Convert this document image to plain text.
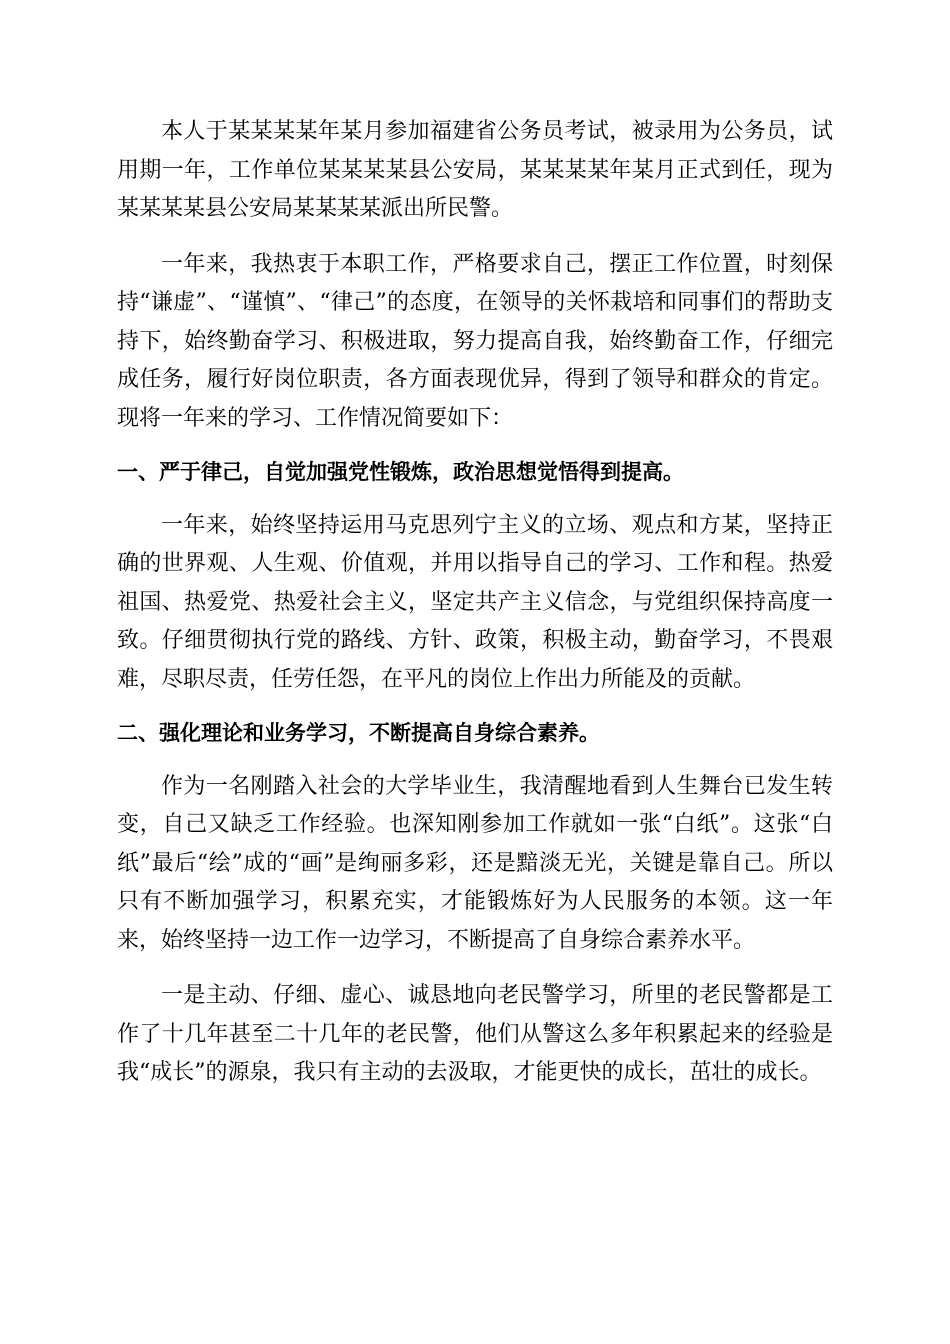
本人于某某某某年某月参加福建省公务员考试，被录用为公务员，试用期一年，工作单位某某某某县公安局，某某某某年某月正式到任，现为某某某某县公安局某某某某派出所民警。

一年来，我热衷于本职工作，严格要求自己，摆正工作位置，时刻保持“谦虚”、“谨慎”、“律己”的态度，在领导的关怀栽培和同事们的帮助支持下，始终勤奋学习、积极进取，努力提高自我，始终勤奋工作，仔细完成任务，履行好岗位职责，各方面表现优异，得到了领导和群众的肯定。现将一年来的学习、工作情况简要如下：

一、严于律己，自觉加强党性锻炼，政治思想觉悟得到提高。

一年来，始终坚持运用马克思列宁主义的立场、观点和方某，坚持正确的世界观、人生观、价值观，并用以指导自己的学习、工作和程。热爱祖国、热爱党、热爱社会主义，坚定共产主义信念，与党组织保持高度一致。仔细贯彻执行党的路线、方针、政策，积极主动，勤奋学习，不畏艰难，尽职尽责，任劳任怨，在平凡的岗位上作出力所能及的贡献。

二、强化理论和业务学习，不断提高自身综合素养。

作为一名刚踏入社会的大学毕业生，我清醒地看到人生舞台已发生转变，自己又缺乏工作经验。也深知刚参加工作就如一张“白纸”。这张“白纸”最后“绘”成的“画”是绚丽多彩，还是黯淡无光，关键是靠自己。所以只有不断加强学习，积累充实，才能锻炼好为人民服务的本领。这一年来，始终坚持一边工作一边学习，不断提高了自身综合素养水平。

一是主动、仔细、虚心、诚恳地向老民警学习，所里的老民警都是工作了十几年甚至二十几年的老民警，他们从警这么多年积累起来的经验是我“成长”的源泉，我只有主动的去汲取，才能更快的成长，茁壮的成长。
